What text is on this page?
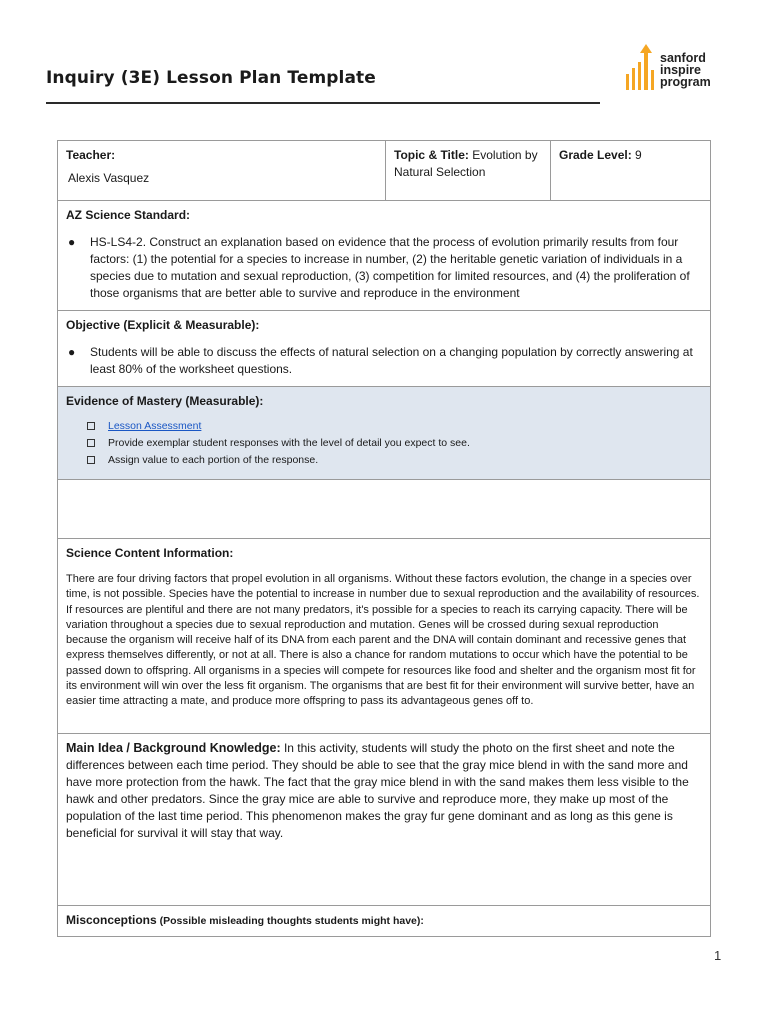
Inquiry (3E) Lesson Plan Template
sanford
inspire
program
Teacher:
Alexis Vasquez
	Topic & Title: Evolution by Natural Selection	Grade Level: 9

AZ Science Standard:
● HS-LS4-2. Construct an explanation based on evidence that the process of evolution primarily results from four factors: (1) the potential for a species to increase in number, (2) the heritable genetic variation of individuals in a species due to mutation and sexual reproduction, (3) competition for limited resources, and (4) the proliferation of those organisms that are better able to survive and reproduce in the environment

Objective (Explicit & Measurable):
● Students will be able to discuss the effects of natural selection on a changing population by correctly answering at least 80% of the worksheet questions.

Evidence of Mastery (Measurable):
Lesson Assessment
Provide exemplar student responses with the level of detail you expect to see.
Assign value to each portion of the response.

Science Content Information:
There are four driving factors that propel evolution in all organisms. Without these factors evolution, the change in a species over time, is not possible. Species have the potential to increase in number due to sexual reproduction and the availability of resources. If resources are plentiful and there are not many predators, it's possible for a species to reach its carrying capacity. There will be variation throughout a species due to sexual reproduction and mutation. Genes will be crossed during sexual reproduction because the organism will receive half of its DNA from each parent and the DNA will contain dominant and recessive genes that express themselves differently, or not at all. There is also a chance for random mutations to occur which have the potential to be passed down to offspring. All organisms in a species will compete for resources like food and shelter and the organism most fit for its environment will win over the less fit organism. The organisms that are best fit for their environment will survive better, have an easier time attracting a mate, and produce more offspring to pass its advantageous genes off to.

Main Idea / Background Knowledge: In this activity, students will study the photo on the first sheet and note the differences between each time period. They should be able to see that the gray mice blend in with the sand more and have more protection from the hawk. The fact that the gray mice blend in with the sand makes them less visible to the hawk and other predators. Since the gray mice are able to survive and reproduce more, they make up most of the population of the last time period. This phenomenon makes the gray fur gene dominant and as long as this gene is beneficial for survival it will stay that way.
Misconceptions (Possible misleading thoughts students might have):
1
